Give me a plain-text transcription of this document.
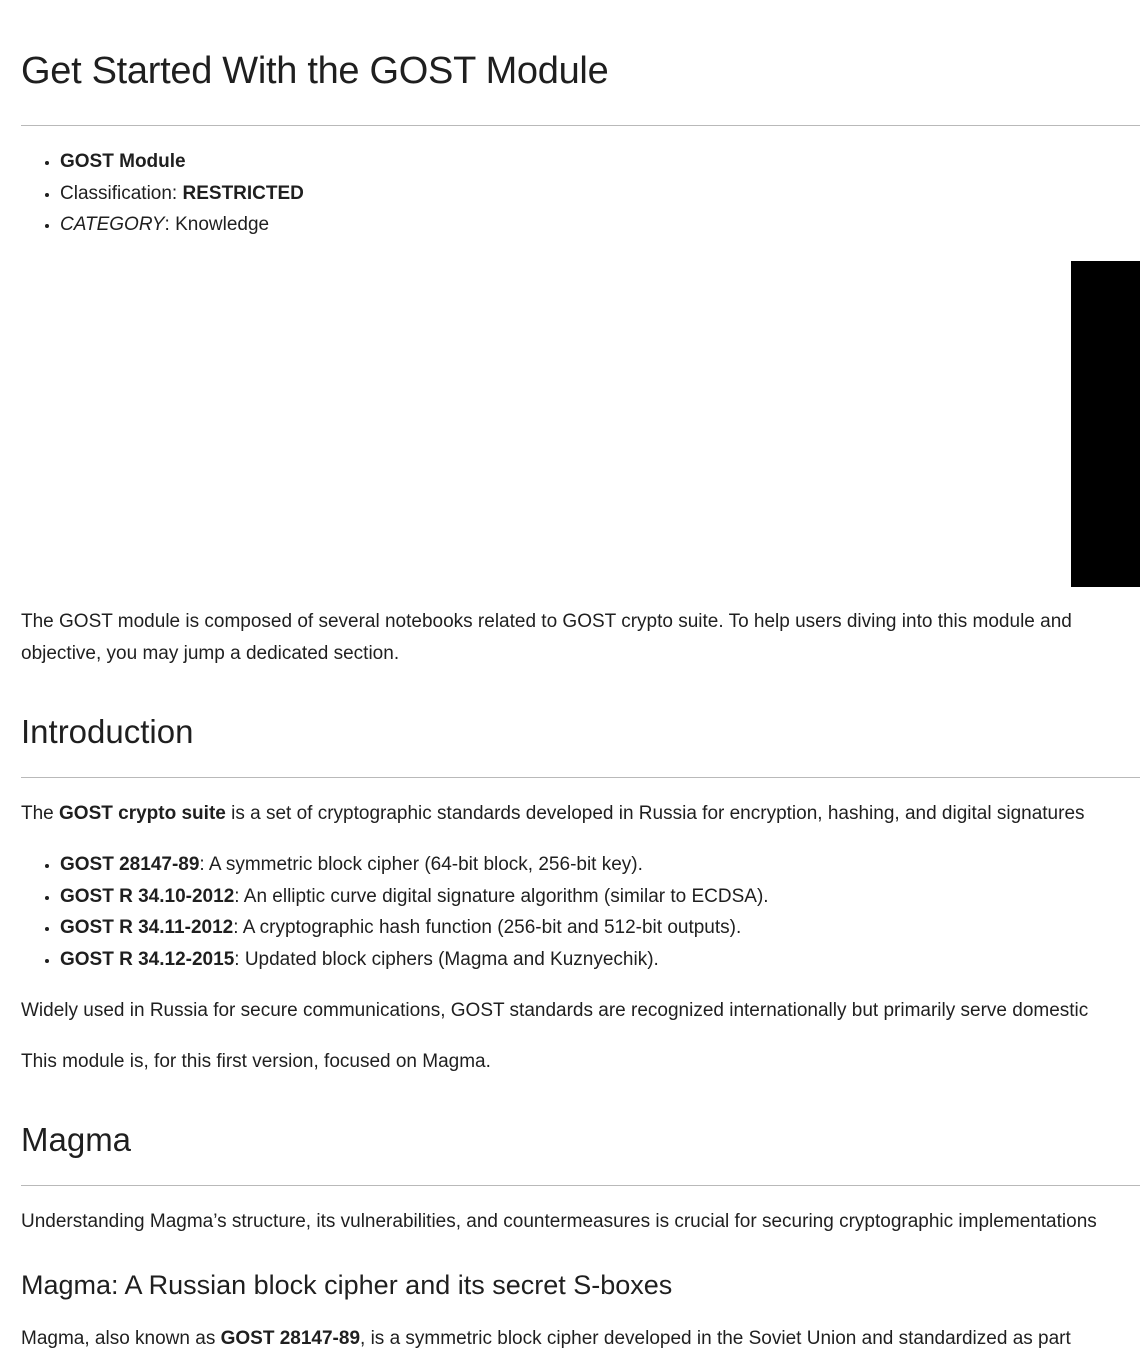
Get Started With the GOST Module
• GOST Module
• Classification: RESTRICTED
• CATEGORY: Knowledge

The GOST module is composed of several notebooks related to GOST crypto suite. To help users diving into this module and
objective, you may jump a dedicated section.

Introduction

The GOST crypto suite is a set of cryptographic standards developed in Russia for encryption, hashing, and digital signatures

• GOST 28147-89: A symmetric block cipher (64-bit block, 256-bit key).
• GOST R 34.10-2012: An elliptic curve digital signature algorithm (similar to ECDSA).
• GOST R 34.11-2012: A cryptographic hash function (256-bit and 512-bit outputs).
• GOST R 34.12-2015: Updated block ciphers (Magma and Kuznyechik).

Widely used in Russia for secure communications, GOST standards are recognized internationally but primarily serve domestic

This module is, for this first version, focused on Magma.

Magma

Understanding Magma’s structure, its vulnerabilities, and countermeasures is crucial for securing cryptographic implementations

Magma: A Russian block cipher and its secret S-boxes

Magma, also known as GOST 28147-89, is a symmetric block cipher developed in the Soviet Union and standardized as part
